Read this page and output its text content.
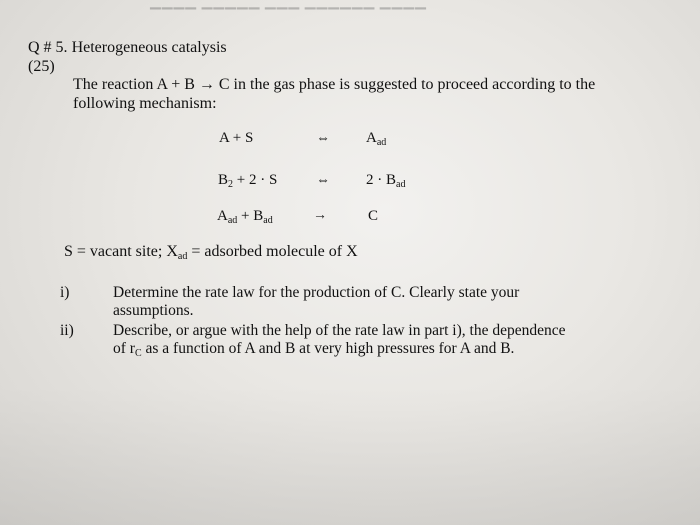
▁▁▁▁ ▁▁▁▁▁ ▁▁▁ ▁▁▁▁▁▁ ▁▁▁▁
Q # 5. Heterogeneous catalysis
(25)
The reaction A + B → C in the gas phase is suggested to proceed according to the
following mechanism:
A + S	⇔ $A_{ad}$
$B_2 + 2 \cdot S$	⇔ $2 \cdot B_{ad}$
$A_{ad} + B_{ad}$	→	C
S = vacant site; $X_{ad}$ = adsorbed molecule of X
i)	Determine the rate law for the production of C. Clearly state your
assumptions.
ii)	Describe, or argue with the help of the rate law in part i), the dependence
of $r_C$ as a function of A and B at very high pressures for A and B.
